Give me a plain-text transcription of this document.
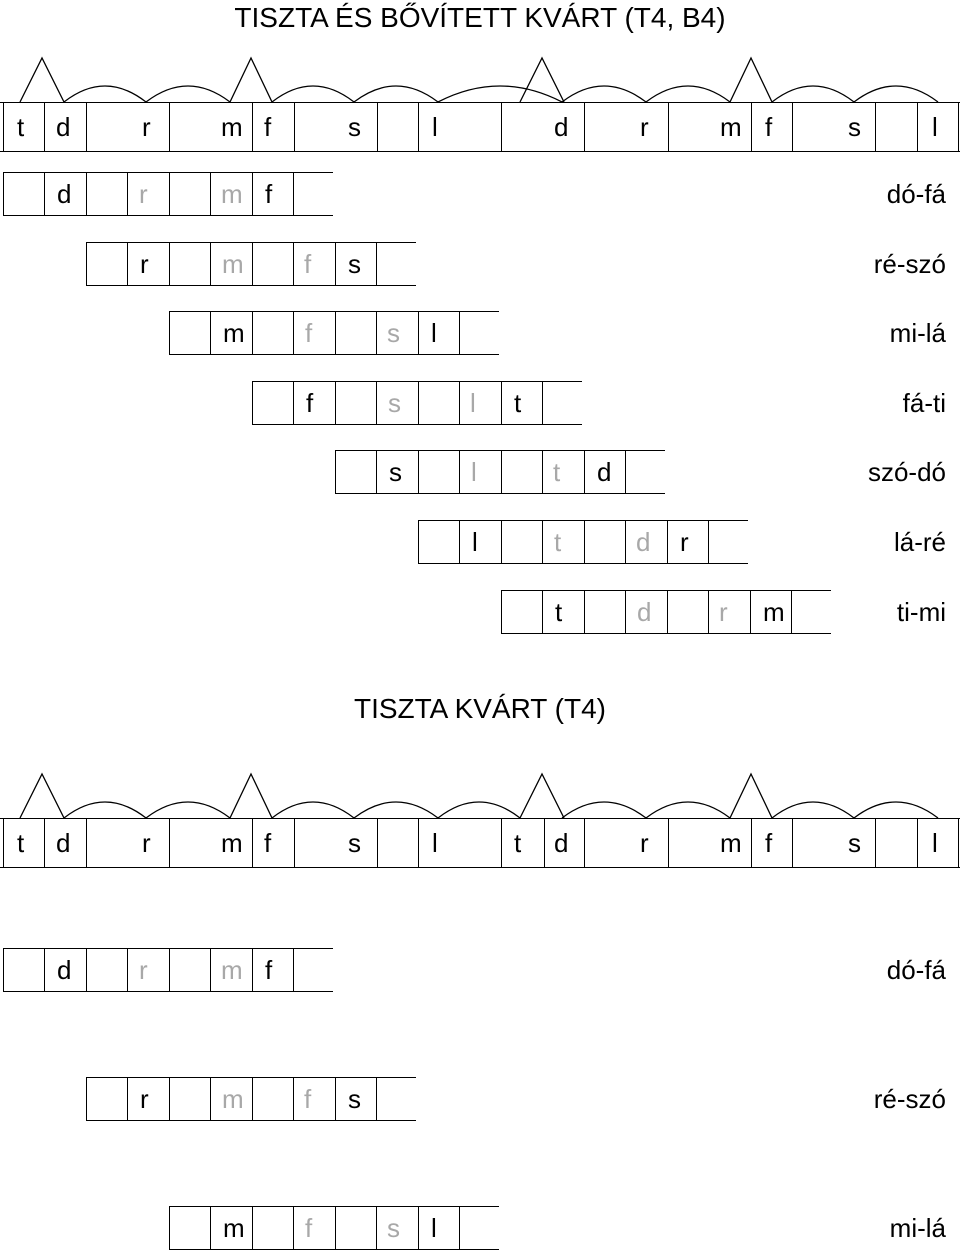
TISZTA ÉS BŐVÍTETT KVÁRT (T4, B4)
t d	r	m f	s	l	d	r	m f	s	l
d	r	m f	dó-fá
r	m f s	ré-szó
m f	s l	mi-lá
f	s	l t	fá-ti
s	l	t d	szó-dó
l	t	d r	lá-ré
t	d	r m	ti-mi
TISZTA KVÁRT (T4)
t d	r	m f	s	l	t d	r	m f	s	l
d	r	m f	dó-fá
r	m f s	ré-szó
m f	s l	mi-lá
